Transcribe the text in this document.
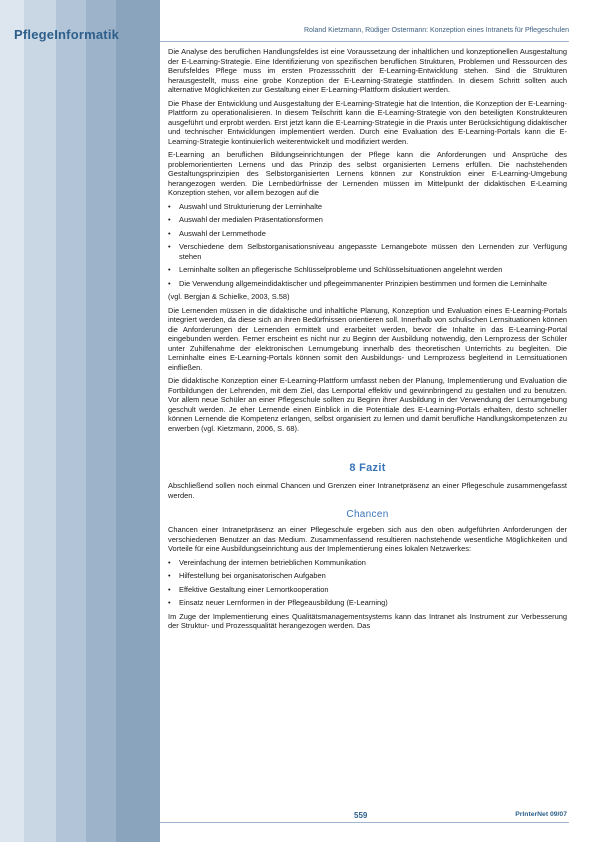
PflegeInformatik	Roland Kietzmann, Rüdiger Ostermann: Konzeption eines Intranets für Pflegeschulen

Die Analyse des beruflichen Handlungsfeldes ist eine Voraussetzung der inhaltlichen und konzeptionellen Ausgestaltung der E-Learning-Strategie. Eine Identifizierung von spezifischen beruflichen Strukturen, Problemen und Ressourcen des Berufsfeldes Pflege muss im ersten Prozessschritt der E-Learning-Entwicklung stehen. Sind die Strukturen herausgestellt, muss eine grobe Konzeption der E-Learning-Strategie stattfinden. In diesem Schritt sollten auch alternative Möglichkeiten zur Gestaltung einer E-Learning-Plattform diskutiert werden.

Die Phase der Entwicklung und Ausgestaltung der E-Learning-Strategie hat die Intention, die Konzeption der E-Learning-Plattform zu operationalisieren. In diesem Teilschritt kann die E-Learning-Strategie von den beteiligten Konstrukteuren ausgeführt und erprobt werden. Erst jetzt kann die E-Learning-Strategie in die Praxis unter Berücksichtigung didaktischer und technischer Entwicklungen implementiert werden. Durch eine Evaluation des E-Learning-Portals kann die E-Learning-Strategie kontinuierlich weiterentwickelt und modifiziert werden.

E-Learning an beruflichen Bildungseinrichtungen der Pflege kann die Anforderungen und Ansprüche des problemorientierten Lernens und das Prinzip des selbst organisierten Lernens erfüllen. Die nachstehenden Gestaltungsprinzipien des Selbstorganisierten Lernens können zur Konstruktion einer E-Learning-Umgebung herangezogen werden. Die Lernbedürfnisse der Lernenden müssen im Mittelpunkt der didaktischen E-Learning Konzeption stehen, vor allem bezogen auf die

• Auswahl und Strukturierung der Lerninhalte
• Auswahl der medialen Präsentationsformen
• Auswahl der Lernmethode
• Verschiedene dem Selbstorganisationsniveau angepasste Lernangebote müssen den Lernenden zur Verfügung stehen
• Lerninhalte sollten an pflegerische Schlüsselprobleme und Schlüsselsituationen angelehnt werden
• Die Verwendung allgemeindidaktischer und pflegeimmanenter Prinzipien bestimmen und formen die Lerninhalte

(vgl. Bergjan & Schielke, 2003, S.58)

Die Lernenden müssen in die didaktische und inhaltliche Planung, Konzeption und Evaluation eines E-Learning-Portals integriert werden, da diese sich an ihren Bedürfnissen orientieren soll. Innerhalb von schulischen Lernsituationen können die Anforderungen der Lernenden ermittelt und erarbeitet werden, bevor die Inhalte in das E-Learning-Portal eingebunden werden. Ferner erscheint es nicht nur zu Beginn der Ausbildung notwendig, den Lernprozess der Schüler unter Zuhilfenahme der elektronischen Lernumgebung innerhalb des theoretischen Unterrichts zu begleiten. Die Lerninhalte eines E-Learning-Portals können somit den Ausbildungs- und Lernprozess begleitend in Lernsituationen einfließen.

Die didaktische Konzeption einer E-Learning-Plattform umfasst neben der Planung, Implementierung und Evaluation die Fortbildungen der Lehrenden, mit dem Ziel, das Lernportal effektiv und gewinnbringend zu gestalten und zu benutzen. Vor allem neue Schüler an einer Pflegeschule sollten zu Beginn ihrer Ausbildung in der Verwendung der Lernumgebung geschult werden. Je eher Lernende einen Einblick in die Potentiale des E-Learning-Portals erhalten, desto schneller können Lernende die Kompetenz erlangen, selbst organisiert zu lernen und damit berufliche Handlungskompetenzen zu erwerben (vgl. Kietzmann, 2006, S. 68).

8 Fazit

Abschließend sollen noch einmal Chancen und Grenzen einer Intranetpräsenz an einer Pflegeschule zusammengefasst werden.

Chancen

Chancen einer Intranetpräsenz an einer Pflegeschule ergeben sich aus den oben aufgeführten Anforderungen der verschiedenen Benutzer an das Medium. Zusammenfassend resultieren nachstehende wesentliche Möglichkeiten und Vorteile für eine Ausbildungseinrichtung aus der Implementierung eines lokalen Netzwerkes:

• Vereinfachung der internen betrieblichen Kommunikation
• Hilfestellung bei organisatorischen Aufgaben
• Effektive Gestaltung einer Lernortkooperation
• Einsatz neuer Lernformen in der Pflegeausbildung (E-Learning)

Im Zuge der Implementierung eines Qualitätsmanagementsystems kann das Intranet als Instrument zur Verbesserung der Struktur- und Prozessqualität herangezogen werden. Das

559	PrInterNet 09/07
